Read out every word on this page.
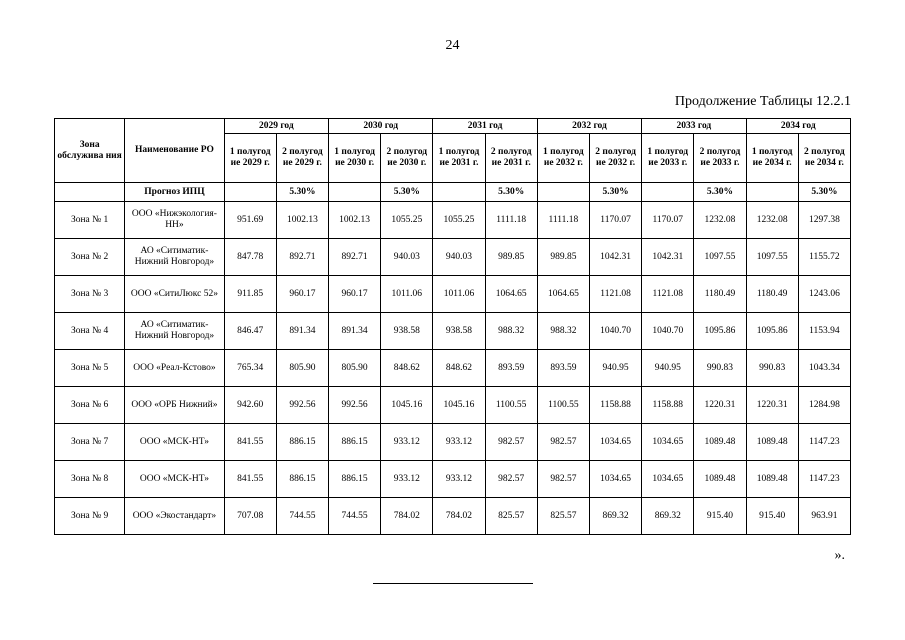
24
Продолжение Таблицы 12.2.1
Зона обслужива ния	Наименование РО	2029 год		2030 год		2031 год		2032 год		2033 год		2034 год	
		1 полугод ие 2029 г.	2 полугод ие 2029 г.	1 полугод ие 2030 г.	2 полугод ие 2030 г.	1 полугод ие 2031 г.	2 полугод ие 2031 г.	1 полугод ие 2032 г.	2 полугод ие 2032 г.	1 полугод ие 2033 г.	2 полугод ие 2033 г.	1 полугод ие 2034 г.	2 полугод ие 2034 г.
	Прогноз ИПЦ		5.30%		5.30%		5.30%		5.30%		5.30%		5.30%
Зона № 1	ООО «Нижэкология-НН»	951.69	1002.13	1002.13	1055.25	1055.25	1111.18	1111.18	1170.07	1170.07	1232.08	1232.08	1297.38
Зона № 2	АО «Ситиматик-Нижний Новгород»	847.78	892.71	892.71	940.03	940.03	989.85	989.85	1042.31	1042.31	1097.55	1097.55	1155.72
Зона № 3	ООО «СитиЛюкс 52»	911.85	960.17	960.17	1011.06	1011.06	1064.65	1064.65	1121.08	1121.08	1180.49	1180.49	1243.06
Зона № 4	АО «Ситиматик-Нижний Новгород»	846.47	891.34	891.34	938.58	938.58	988.32	988.32	1040.70	1040.70	1095.86	1095.86	1153.94
Зона № 5	ООО «Реал-Кстово»	765.34	805.90	805.90	848.62	848.62	893.59	893.59	940.95	940.95	990.83	990.83	1043.34
Зона № 6	ООО «ОРБ Нижний»	942.60	992.56	992.56	1045.16	1045.16	1100.55	1100.55	1158.88	1158.88	1220.31	1220.31	1284.98
Зона № 7	ООО «МСК-НТ»	841.55	886.15	886.15	933.12	933.12	982.57	982.57	1034.65	1034.65	1089.48	1089.48	1147.23
Зона № 8	ООО «МСК-НТ»	841.55	886.15	886.15	933.12	933.12	982.57	982.57	1034.65	1034.65	1089.48	1089.48	1147.23
Зона № 9	ООО «Экостандарт»	707.08	744.55	744.55	784.02	784.02	825.57	825.57	869.32	869.32	915.40	915.40	963.91
».
